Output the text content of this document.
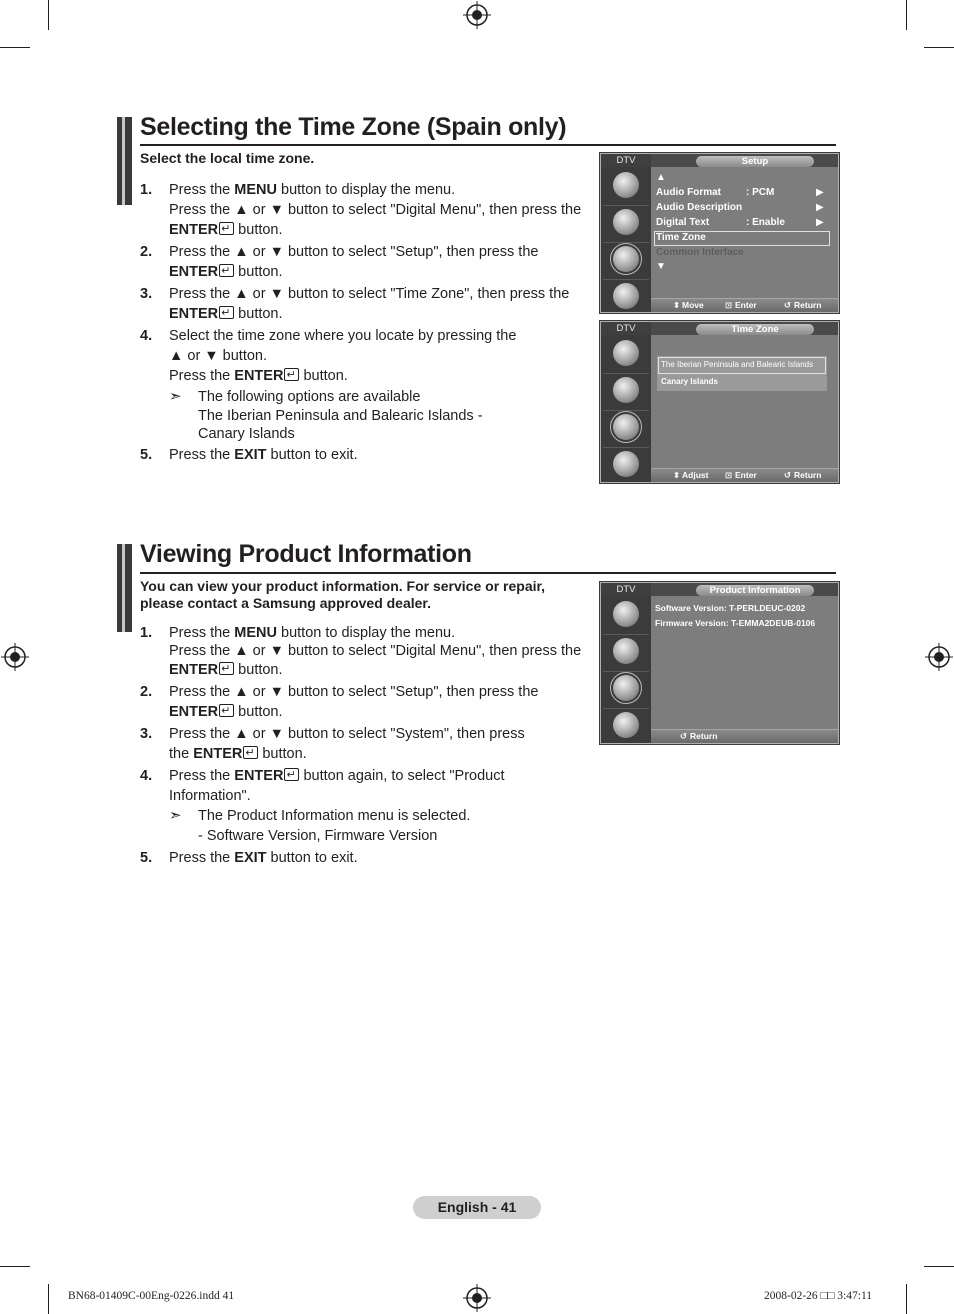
Selecting the Time Zone (Spain only)
Select the local time zone.
1. Press the MENU button to display the menu.
Press the ▲ or ▼ button to select "Digital Menu", then press the
ENTER↵ button.
2. Press the ▲ or ▼ button to select "Setup", then press the
ENTER↵ button.
3. Press the ▲ or ▼ button to select "Time Zone", then press the
ENTER↵ button.
4. Select the time zone where you locate by pressing the
▲ or ▼ button.
Press the ENTER↵ button.
➣ The following options are available
The Iberian Peninsula and Balearic Islands -
Canary Islands
5. Press the EXIT button to exit.
DTV	Setup
▲
Audio Format	: PCM	▶
Audio Description	▶
Digital Text	: Enable	▶
Time Zone
Common Interface
▼
⬍ Move	⊡ Enter	↺ Return
DTV	Time Zone
The Iberian Peninsula and Balearic Islands
Canary Islands
⬍ Adjust ⊡ Enter	↺ Return
Viewing Product Information
You can view your product information. For service or repair,
please contact a Samsung approved dealer.
1. Press the MENU button to display the menu.
Press the ▲ or ▼ button to select "Digital Menu", then press the
ENTER↵ button.
2. Press the ▲ or ▼ button to select "Setup", then press the
ENTER↵ button.
3. Press the ▲ or ▼ button to select "System", then press
the ENTER↵ button.
4. Press the ENTER↵ button again, to select "Product
Information".
➣ The Product Information menu is selected.
- Software Version, Firmware Version
5. Press the EXIT button to exit.
DTV	Product Information
Software Version: T-PERLDEUC-0202
Firmware Version: T-EMMA2DEUB-0106
↺ Return
English - 41
BN68-01409C-00Eng-0226.indd 41	2008-02-26 □□ 3:47:11
